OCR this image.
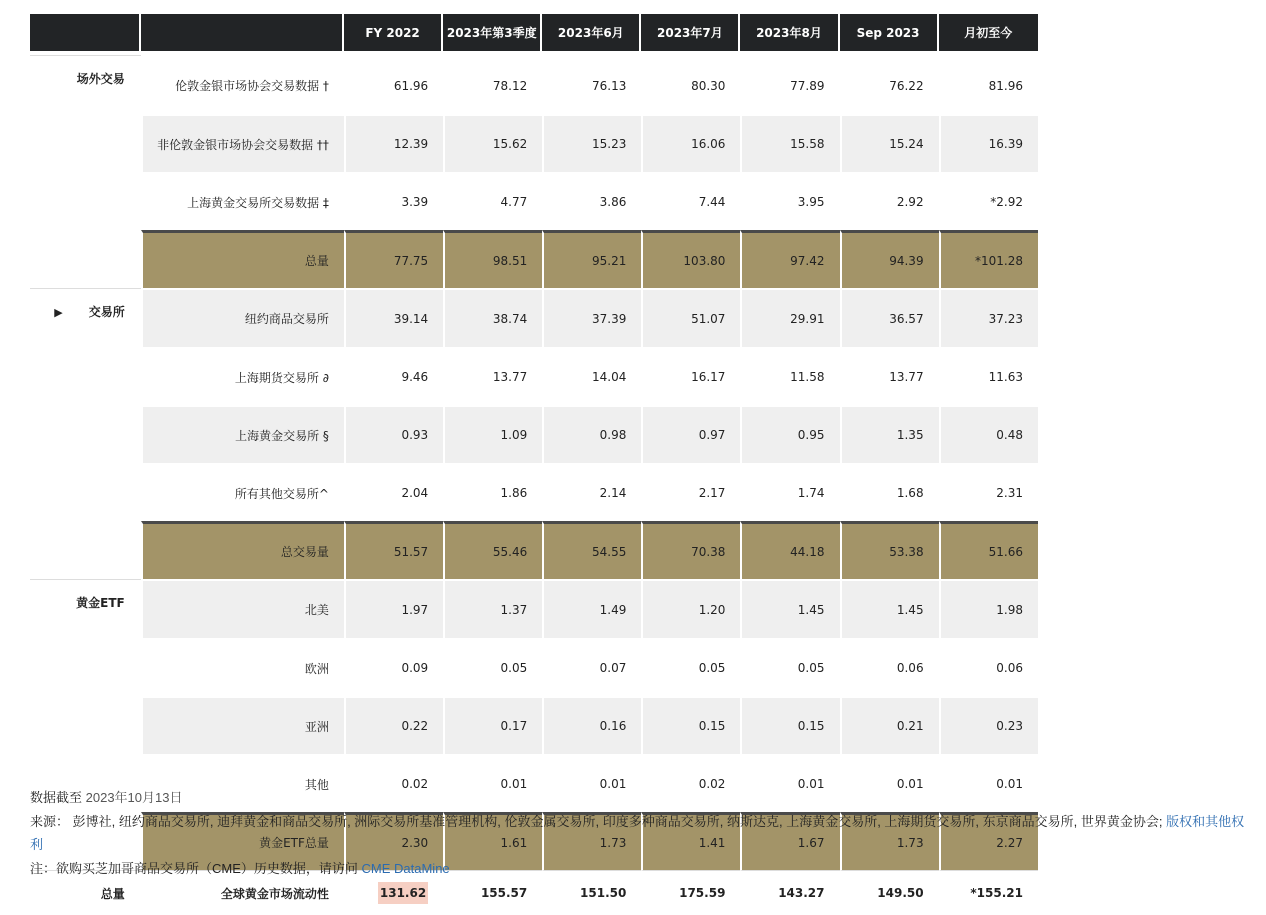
		FY 2022	2023年第3季度	2023年6月	2023年7月	2023年8月	Sep 2023	月初至今

场外交易	伦敦金银市场协会交易数据 †	61.96	78.12	76.13	80.30	77.89	76.22	81.96
	非伦敦金银市场协会交易数据 ††	12.39	15.62	15.23	16.06	15.58	15.24	16.39
	上海黄金交易所交易数据 ‡	3.39	4.77	3.86	7.44	3.95	2.92	*2.92
	总量	77.75	98.51	95.21	103.80	97.42	94.39	*101.28
▶ 交易所	纽约商品交易所	39.14	38.74	37.39	51.07	29.91	36.57	37.23
	上海期货交易所 ∂	9.46	13.77	14.04	16.17	11.58	13.77	11.63
	上海黄金交易所 §	0.93	1.09	0.98	0.97	0.95	1.35	0.48
	所有其他交易所^	2.04	1.86	2.14	2.17	1.74	1.68	2.31
	总交易量	51.57	55.46	54.55	70.38	44.18	53.38	51.66
黄金ETF	北美	1.97	1.37	1.49	1.20	1.45	1.45	1.98
	欧洲	0.09	0.05	0.07	0.05	0.05	0.06	0.06
	亚洲	0.22	0.17	0.16	0.15	0.15	0.21	0.23
	其他	0.02	0.01	0.01	0.02	0.01	0.01	0.01
	黄金ETF总量	2.30	1.61	1.73	1.41	1.67	1.73	2.27
总量	全球黄金市场流动性	131.62	155.57	151.50	175.59	143.27	149.50	*155.21
数据截至 2023年10月13日
来源： 彭博社, 纽约商品交易所, 迪拜黄金和商品交易所, 洲际交易所基准管理机构, 伦敦金属交易所, 印度多种商品交易所, 纳斯达克, 上海黄金交易所, 上海期货交易所, 东京商品交易所, 世界黄金协会; 版权和其他权利
注：欲购买芝加哥商品交易所（CME）历史数据，请访问 CME DataMine
